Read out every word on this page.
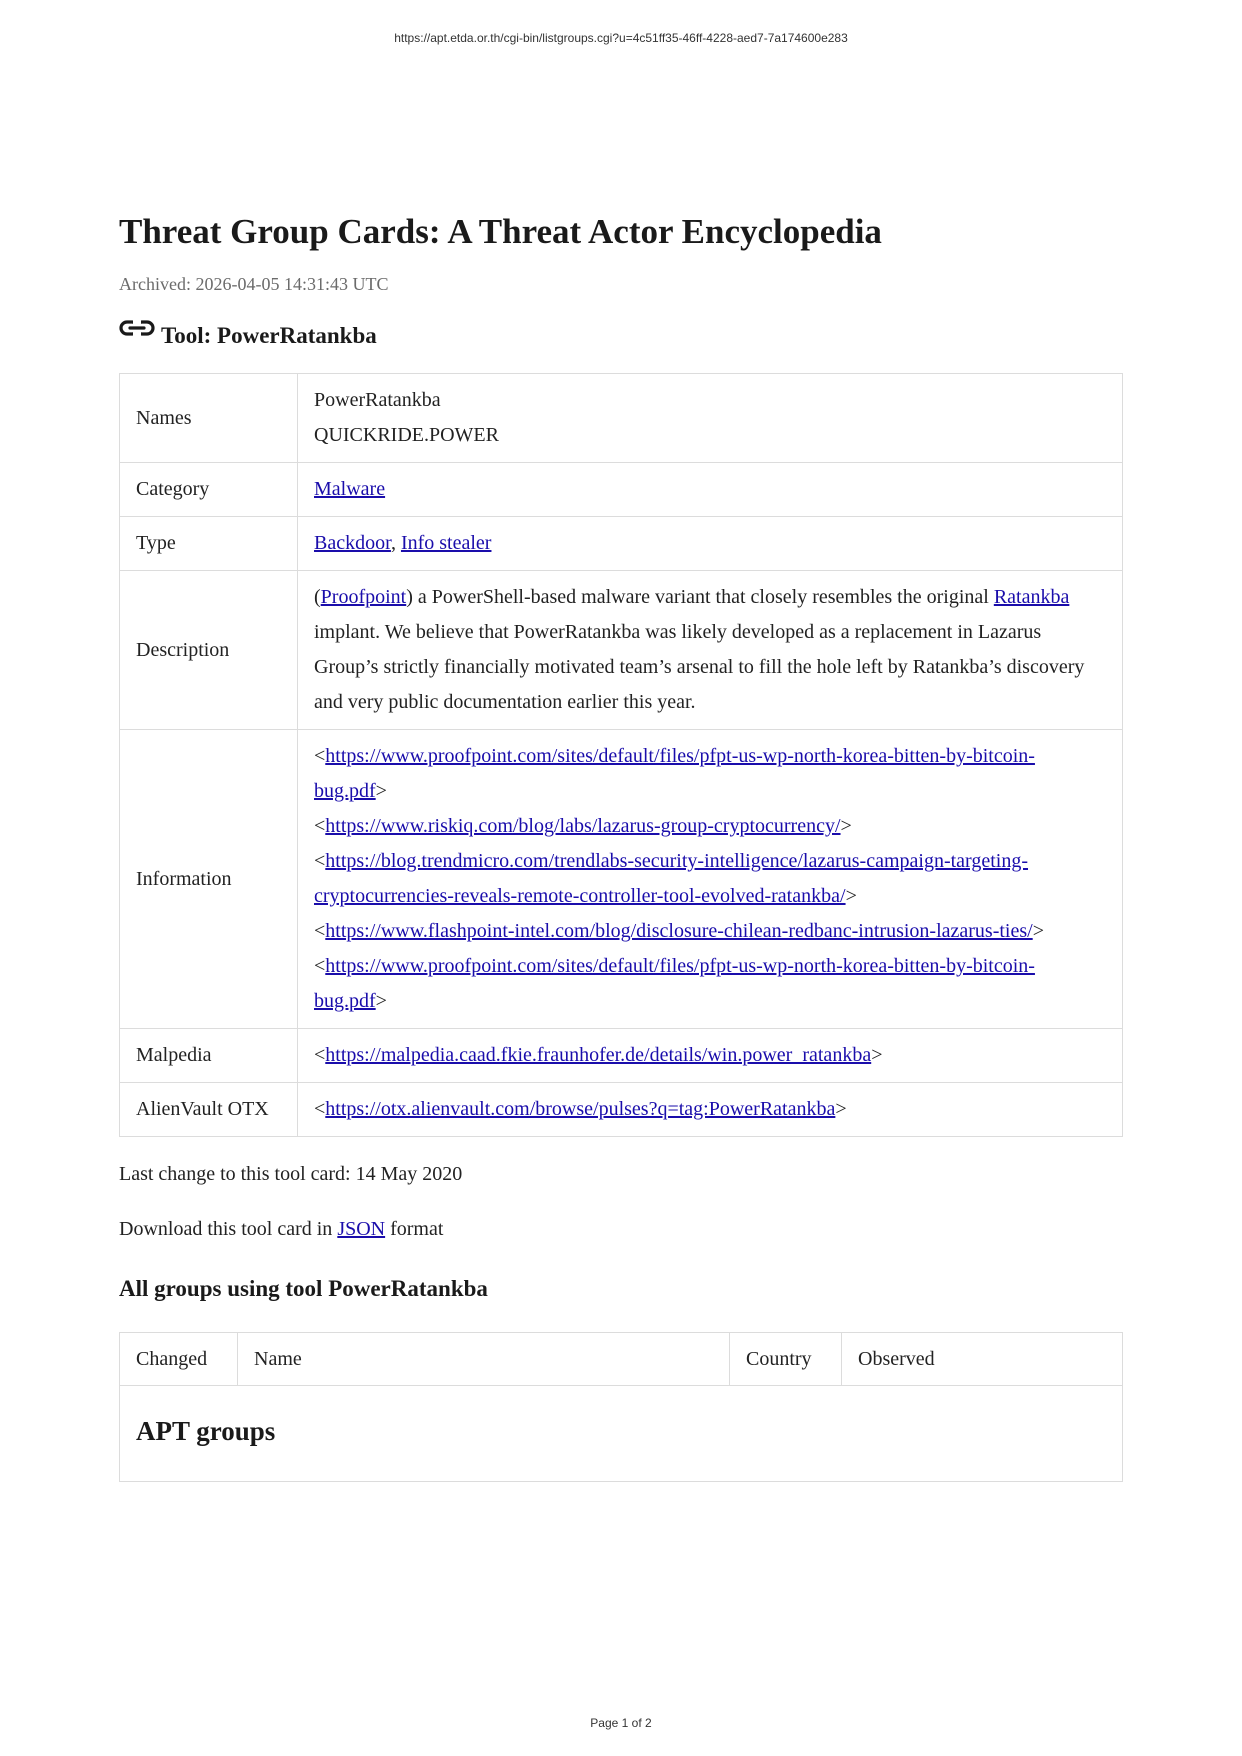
https://apt.etda.or.th/cgi-bin/listgroups.cgi?u=4c51ff35-46ff-4228-aed7-7a174600e283
Threat Group Cards: A Threat Actor Encyclopedia
Archived: 2026-04-05 14:31:43 UTC
Tool: PowerRatankba
Names	PowerRatankba
QUICKRIDE.POWER

Category	Malware
Type	Backdoor, Info stealer
Description	(Proofpoint) a PowerShell-based malware variant that closely resembles the original Ratankba implant. We believe that PowerRatankba was likely developed as a replacement in Lazarus Group’s strictly financially motivated team’s arsenal to fill the hole left by Ratankba’s discovery and very public documentation earlier this year.
Information	<https://www.proofpoint.com/sites/default/files/pfpt-us-wp-north-korea-bitten-by-bitcoin-bug.pdf>
<https://www.riskiq.com/blog/labs/lazarus-group-cryptocurrency/>
<https://blog.trendmicro.com/trendlabs-security-intelligence/lazarus-campaign-targeting-cryptocurrencies-reveals-remote-controller-tool-evolved-ratankba/>
<https://www.flashpoint-intel.com/blog/disclosure-chilean-redbanc-intrusion-lazarus-ties/>
<https://www.proofpoint.com/sites/default/files/pfpt-us-wp-north-korea-bitten-by-bitcoin-bug.pdf>

Malpedia	<https://malpedia.caad.fkie.fraunhofer.de/details/win.power_ratankba>
AlienVault OTX	<https://otx.alienvault.com/browse/pulses?q=tag:PowerRatankba>
Last change to this tool card: 14 May 2020
Download this tool card in JSON format
All groups using tool PowerRatankba
Changed	Name	Country	Observed
APT groups
Page 1 of 2
